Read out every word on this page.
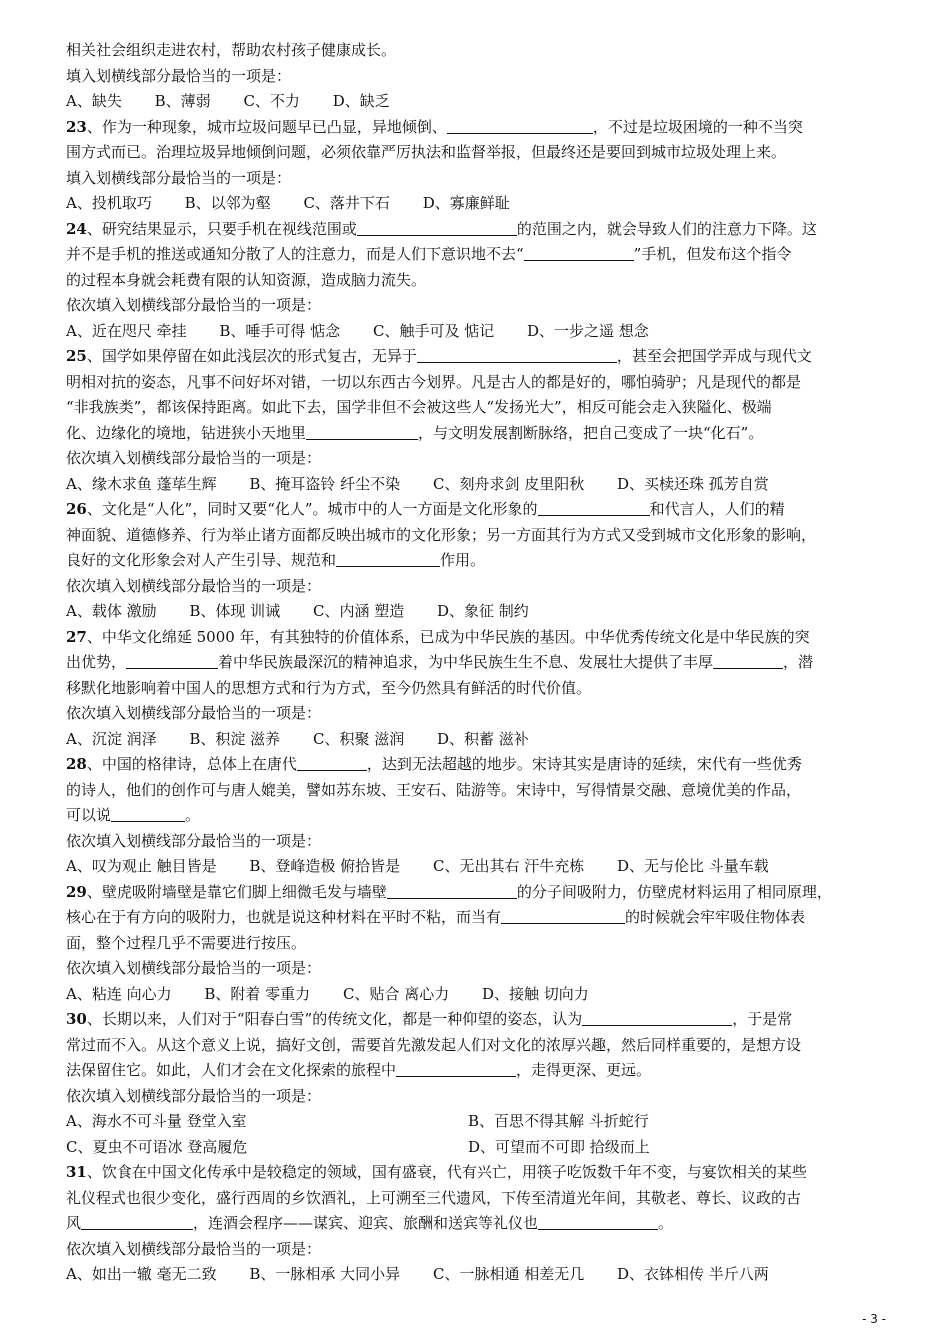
相关社会组织走进农村，帮助农村孩子健康成长。
填入划横线部分最恰当的一项是：
A、缺失 B、薄弱 C、不力 D、缺乏
23、作为一种现象，城市垃圾问题早已凸显，异地倾倒、	，不过是垃圾困境的一种不当突
围方式而已。治理垃圾异地倾倒问题，必须依靠严厉执法和监督举报，但最终还是要回到城市垃圾处理上来。
填入划横线部分最恰当的一项是：
A、投机取巧 B、以邻为壑 C、落井下石 D、寡廉鲜耻
24、研究结果显示，只要手机在视线范围或	的范围之内，就会导致人们的注意力下降。这
并不是手机的推送或通知分散了人的注意力，而是人们下意识地不去“	”手机，但发布这个指令
的过程本身就会耗费有限的认知资源，造成脑力流失。
依次填入划横线部分最恰当的一项是：
A、近在咫尺 牵挂 B、唾手可得 惦念 C、触手可及 惦记 D、一步之遥 想念
25、国学如果停留在如此浅层次的形式复古，无异于	，甚至会把国学弄成与现代文
明相对抗的姿态，凡事不问好坏对错，一切以东西古今划界。凡是古人的都是好的，哪怕骑驴；凡是现代的都是
“非我族类”，都该保持距离。如此下去，国学非但不会被这些人“发扬光大”，相反可能会走入狭隘化、极端
化、边缘化的境地，钻进狭小天地里	，与文明发展割断脉络，把自己变成了一块“化石”。
依次填入划横线部分最恰当的一项是：
A、缘木求鱼 蓬荜生辉 B、掩耳盗铃 纤尘不染 C、刻舟求剑 皮里阳秋 D、买椟还珠 孤芳自赏
26、文化是“人化”，同时又要“化人”。城市中的人一方面是文化形象的	和代言人，人们的精
神面貌、道德修养、行为举止诸方面都反映出城市的文化形象；另一方面其行为方式又受到城市文化形象的影响，
良好的文化形象会对人产生引导、规范和	作用。
依次填入划横线部分最恰当的一项是：
A、载体 激励 B、体现 训诫 C、内涵 塑造 D、象征 制约
27、中华文化绵延 5000 年，有其独特的价值体系，已成为中华民族的基因。中华优秀传统文化是中华民族的突
出优势，	着中华民族最深沉的精神追求，为中华民族生生不息、发展壮大提供了丰厚	，潜
移默化地影响着中国人的思想方式和行为方式，至今仍然具有鲜活的时代价值。
依次填入划横线部分最恰当的一项是：
A、沉淀 润泽 B、积淀 滋养 C、积聚 滋润 D、积蓄 滋补
28、中国的格律诗，总体上在唐代	，达到无法超越的地步。宋诗其实是唐诗的延续，宋代有一些优秀
的诗人，他们的创作可与唐人媲美，譬如苏东坡、王安石、陆游等。宋诗中，写得情景交融、意境优美的作品，
可以说	。
依次填入划横线部分最恰当的一项是：
A、叹为观止 触目皆是 B、登峰造极 俯拾皆是 C、无出其右 汗牛充栋 D、无与伦比 斗量车载
29、壁虎吸附墙壁是靠它们脚上细微毛发与墙壁	的分子间吸附力，仿壁虎材料运用了相同原理，
核心在于有方向的吸附力，也就是说这种材料在平时不粘，而当有	的时候就会牢牢吸住物体表
面，整个过程几乎不需要进行按压。
依次填入划横线部分最恰当的一项是：
A、粘连 向心力 B、附着 零重力 C、贴合 离心力 D、接触 切向力
30、长期以来，人们对于“阳春白雪”的传统文化，都是一种仰望的姿态，认为	，于是常
常过而不入。从这个意义上说，搞好文创，需要首先激发起人们对文化的浓厚兴趣，然后同样重要的，是想方设
法保留住它。如此，人们才会在文化探索的旅程中	，走得更深、更远。
依次填入划横线部分最恰当的一项是：
A、海水不可斗量 登堂入室	B、百思不得其解 斗折蛇行
C、夏虫不可语冰 登高履危	D、可望而不可即 拾级而上
31、饮食在中国文化传承中是较稳定的领域，国有盛衰，代有兴亡，用筷子吃饭数千年不变，与宴饮相关的某些
礼仪程式也很少变化，盛行西周的乡饮酒礼，上可溯至三代遗风，下传至清道光年间，其敬老、尊长、议政的古
风	，连酒会程序——谋宾、迎宾、旅酬和送宾等礼仪也	。
依次填入划横线部分最恰当的一项是：
A、如出一辙 毫无二致 B、一脉相承 大同小异 C、一脉相通 相差无几 D、衣钵相传 半斤八两
- 3 -
